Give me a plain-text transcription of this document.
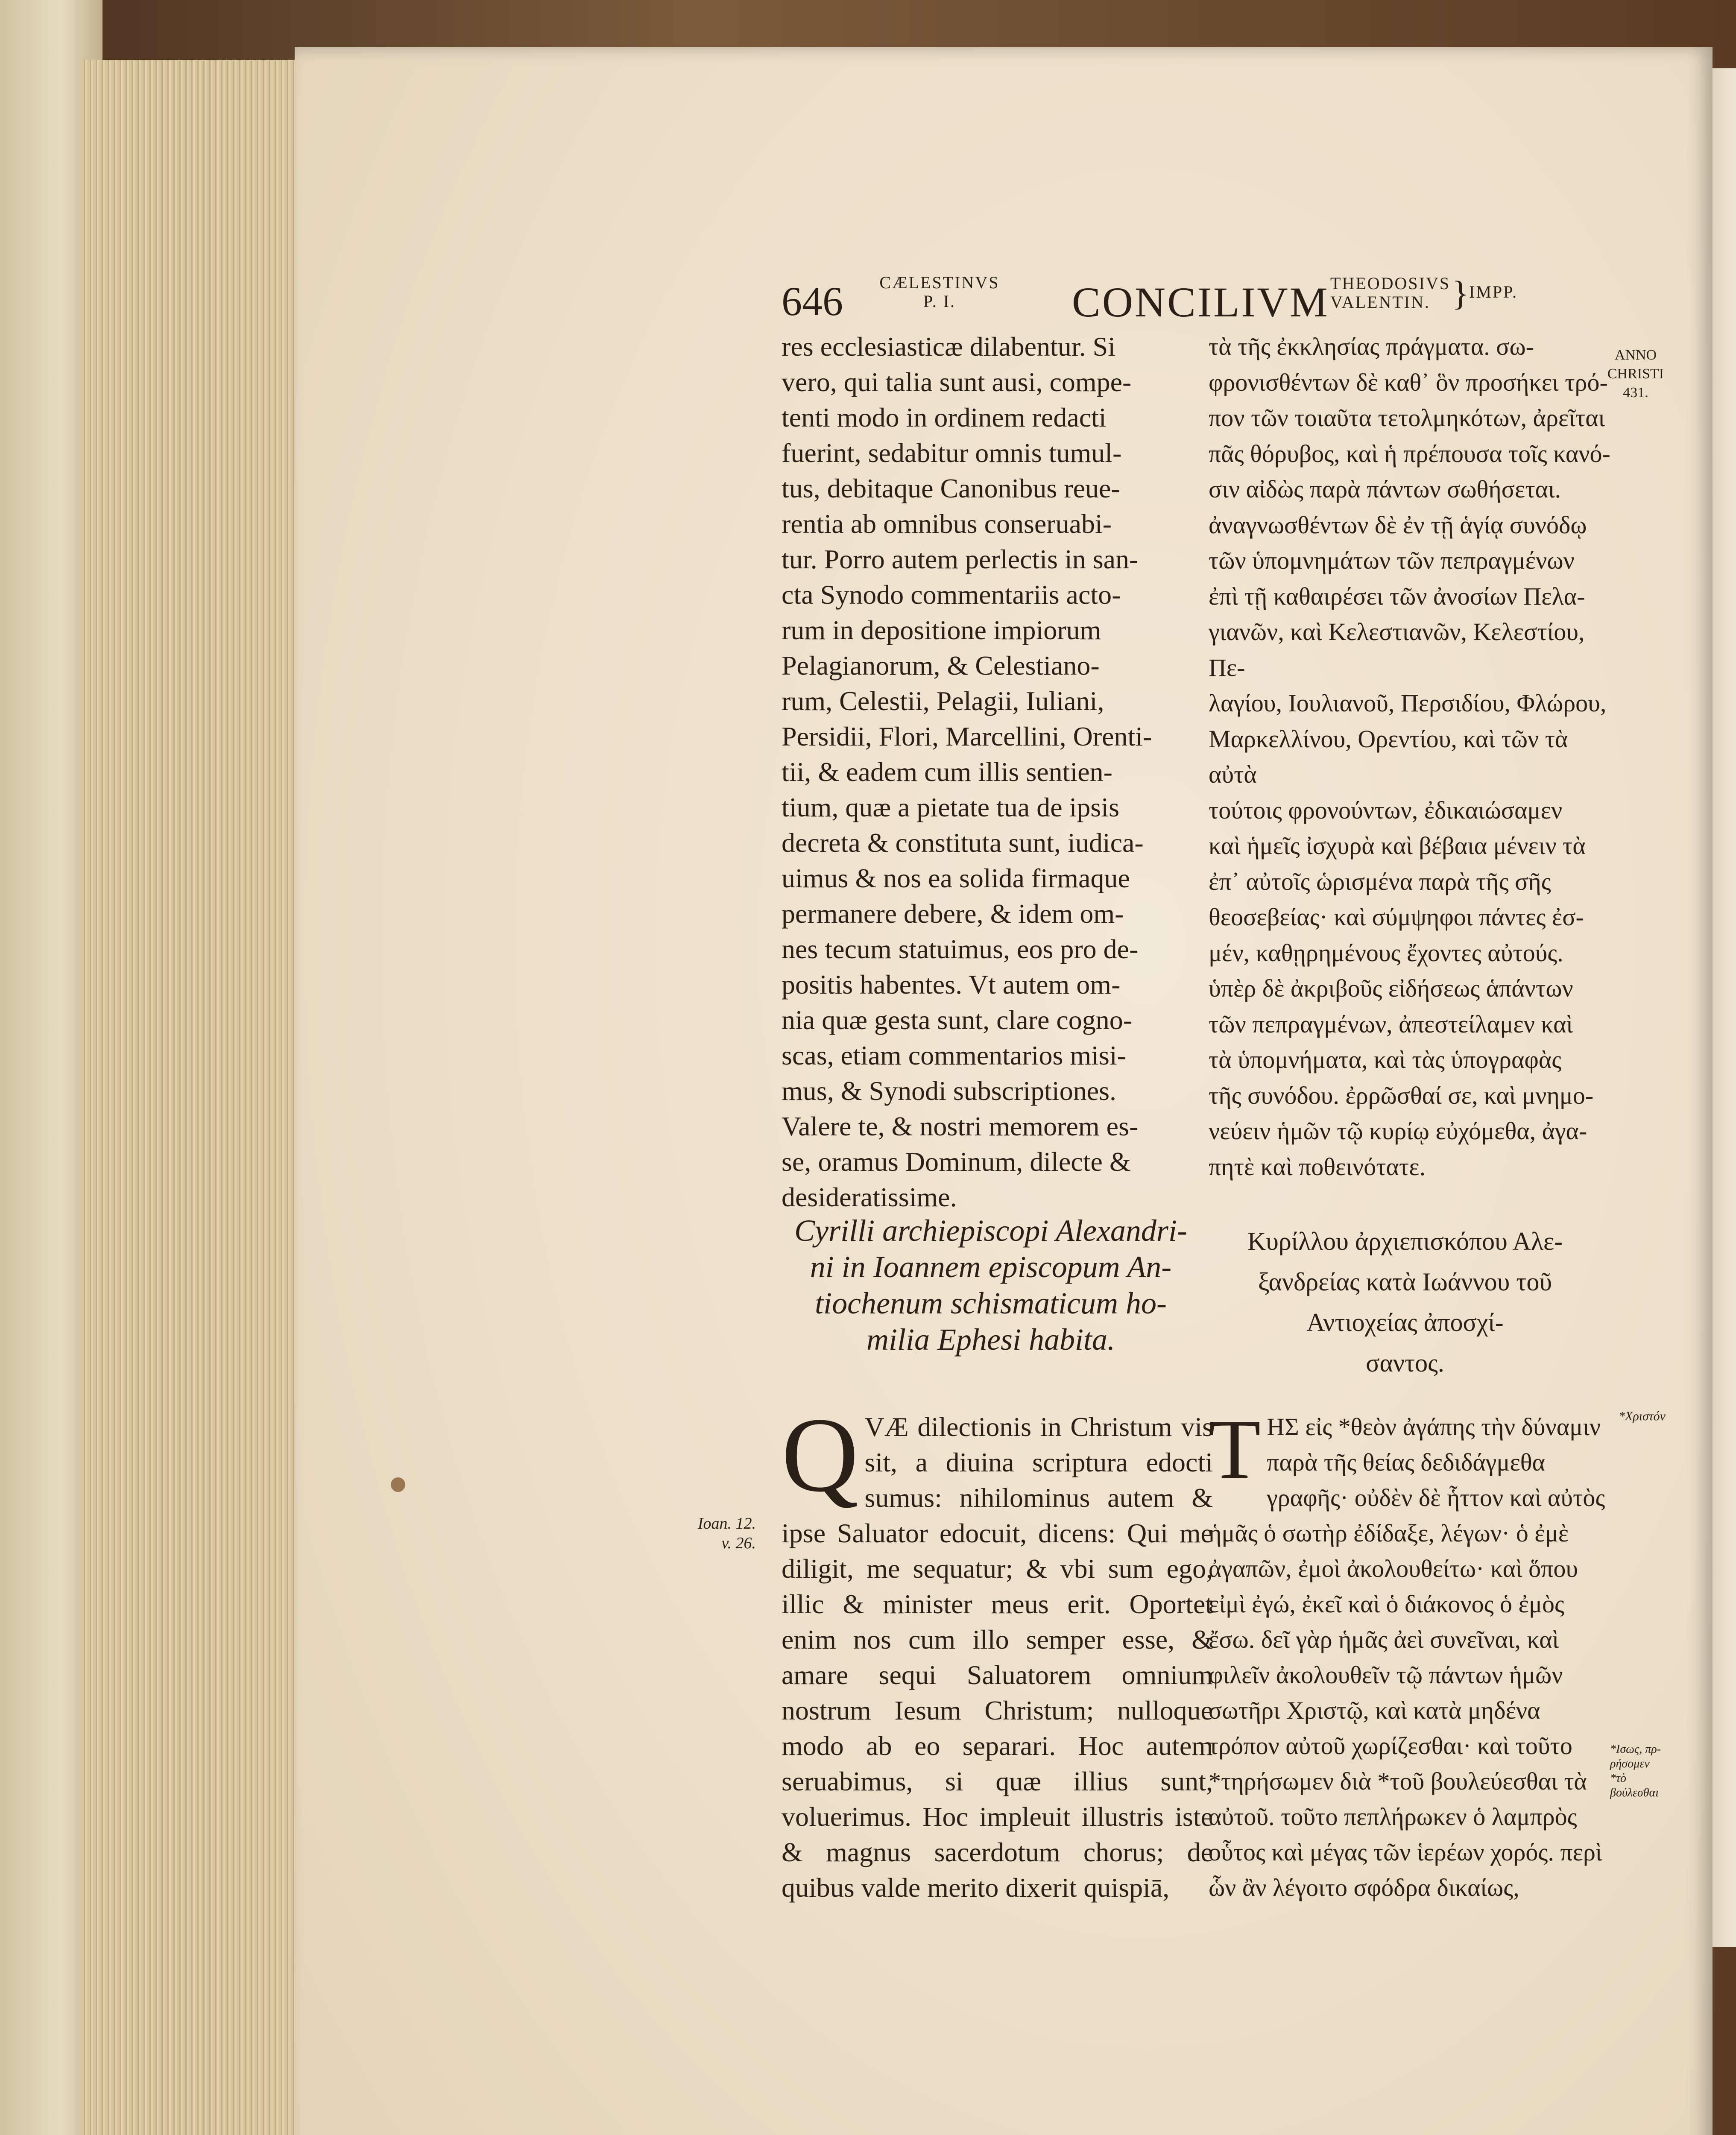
646	CÆLESTINVS
P. I.	CONCILIVM THEODOSIVS
VALENTIN. } IMPP.
ANNO
CHRISTI
431.
res ecclesiasticæ dilabentur. Si
vero, qui talia sunt ausi, compe-
tenti modo in ordinem redacti
fuerint, sedabitur omnis tumul-
tus, debitaque Canonibus reue-
rentia ab omnibus conseruabi-
tur. Porro autem perlectis in san-
cta Synodo commentariis acto-
rum in depositione impiorum
Pelagianorum, & Celestiano-
rum, Celestii, Pelagii, Iuliani,
Persidii, Flori, Marcellini, Orenti-
tii, & eadem cum illis sentien-
tium, quæ a pietate tua de ipsis
decreta & constituta sunt, iudica-
uimus & nos ea solida firmaque
permanere debere, & idem om-
nes tecum statuimus, eos pro de-
positis habentes. Vt autem om-
nia quæ gesta sunt, clare cogno-
scas, etiam commentarios misi-
mus, & Synodi subscriptiones.
Valere te, & nostri memorem es-
se, oramus Dominum, dilecte &
desideratissime.
τὰ τῆς ἐκκλησίας πράγματα. σω-
φρονισθέντων δὲ καθ᾽ ὃν προσήκει τρό-
πον τῶν τοιαῦτα τετολμηκότων, ἀρεῖται
πᾶς θόρυβος, καὶ ἡ πρέπουσα τοῖς κανό-
σιν αἰδὼς παρὰ πάντων σωθήσεται.
ἀναγνωσθέντων δὲ ἐν τῇ ἁγίᾳ συνόδῳ
τῶν ὑπομνημάτων τῶν πεπραγμένων
ἐπὶ τῇ καθαιρέσει τῶν ἀνοσίων Πελα-
γιανῶν, καὶ Κελεστιανῶν, Κελεστίου, Πε-
λαγίου, Ιουλιανοῦ, Περσιδίου, Φλώρου,
Μαρκελλίνου, Ορεντίου, καὶ τῶν τὰ αὐτὰ
τούτοις φρονούντων, ἐδικαιώσαμεν
καὶ ἡμεῖς ἰσχυρὰ καὶ βέβαια μένειν τὰ
ἐπ᾽ αὐτοῖς ὡρισμένα παρὰ τῆς σῆς
θεοσεβείας· καὶ σύμψηφοι πάντες ἐσ-
μέν, καθῃρημένους ἔχοντες αὐτούς.
ὑπὲρ δὲ ἀκριβοῦς εἰδήσεως ἁπάντων
τῶν πεπραγμένων, ἀπεστείλαμεν καὶ
τὰ ὑπομνήματα, καὶ τὰς ὑπογραφὰς
τῆς συνόδου. ἐρρῶσθαί σε, καὶ μνημο-
νεύειν ἡμῶν τῷ κυρίῳ εὐχόμεθα, ἀγα-
πητὲ καὶ ποθεινότατε.
Cyrilli archiepiscopi Alexandri-
ni in Ioannem episcopum An-
tiochenum schismaticum ho-
milia Ephesi habita.
Κυρίλλου ἀρχιεπισκόπου Αλε-
ξανδρείας κατὰ Ιωάννου τοῦ
Αντιοχείας ἀποσχί-
σαντος.
Q VÆ dilectionis in Christum vis sit, a diuina scriptura edocti sumus: nihilominus autem & ipse Saluator edocuit, dicens: Qui me diligit, me sequatur; & vbi sum ego, illic & minister meus erit. Oportet enim nos cum illo semper esse, & amare sequi Saluatorem omnium nostrum Iesum Christum; nulloque modo ab eo separari. Hoc autem seruabimus, si quæ illius sunt, voluerimus. Hoc impleuit illustris iste & magnus sacerdotum chorus; de quibus valde merito dixerit quispiā,

Τ ΗΣ εἰς *θεὸν ἀγάπης τὴν δύναμιν παρὰ τῆς θείας δεδιδάγμεθα γραφῆς· οὐδὲν δὲ ἧττον καὶ αὐτὸς ἡμᾶς ὁ σωτὴρ ἐδίδαξε, λέγων· ὁ ἐμὲ ἀγαπῶν, ἐμοὶ ἀκολουθείτω· καὶ ὅπου εἰμὶ ἐγώ, ἐκεῖ καὶ ὁ διάκονος ὁ ἐμὸς ἔσω. δεῖ γὰρ ἡμᾶς ἀεὶ συνεῖναι, καὶ φιλεῖν ἀκολουθεῖν τῷ πάντων ἡμῶν σωτῆρι Χριστῷ, καὶ κατὰ μηδένα τρόπον αὐτοῦ χωρίζεσθαι· καὶ τοῦτο *τηρήσωμεν διὰ *τοῦ βουλεύεσθαι τὰ αὐτοῦ. τοῦτο πεπλήρωκεν ὁ λαμπρὸς οὗτος καὶ μέγας τῶν ἱερέων χορός. περὶ ὧν ἂν λέγοιτο σφόδρα δικαίως,

Ioan. 12.
v. 26.
*Χριστόν
*Ισως, πρ-
ρήσομεν
*τὸ βούλεσθαι
